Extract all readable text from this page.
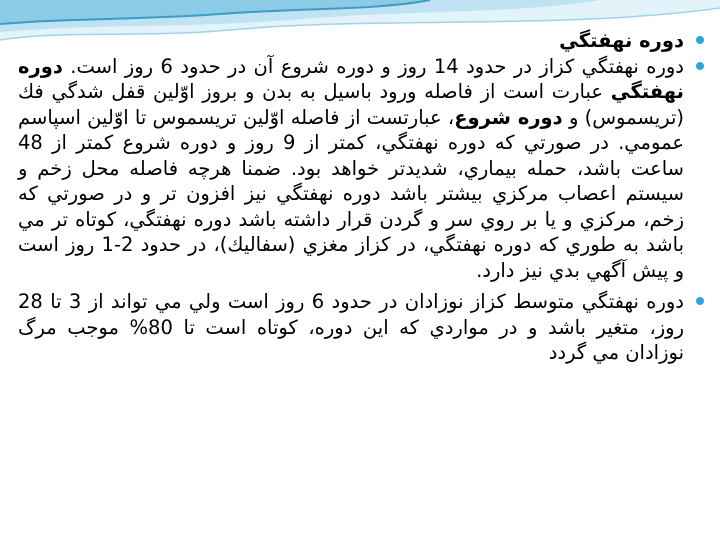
دوره نهفتگي

دوره نهفتگي كزاز در حدود 14 روز و دوره شروع آن در حدود 6 روز است. دوره نهفتگي عبارت است از فاصله ورود باسيل به بدن و بروز اوّلين قفل شدگي فك (تريسموس) و دوره شروع، عبارتست از فاصله اوّلين تريسموس تا اوّلين اسپاسم عمومي. در صورتي كه دوره نهفتگي، كمتر از 9 روز و دوره شروع كمتر از 48 ساعت باشد، حمله بيماري، شديدتر خواهد بود. ضمنا هرچه فاصله محل زخم و سيستم اعصاب مركزي بيشتر باشد دوره نهفتگي نيز افزون تر و در صورتي كه زخم، مركزي و يا بر روي سر و گردن قرار داشته باشد دوره نهفتگي، كوتاه تر مي باشد به طوري كه دوره نهفتگي، در كزاز مغزي (سفاليك)، در حدود 2-1 روز است و پيش آگهي بدي نيز دارد.

دوره نهفتگي متوسط كزاز نوزادان در حدود 6 روز است ولي مي تواند از 3 تا 28 روز، متغير باشد و در مواردي كه اين دوره، كوتاه است تا 80% موجب مرگ نوزادان مي گردد
